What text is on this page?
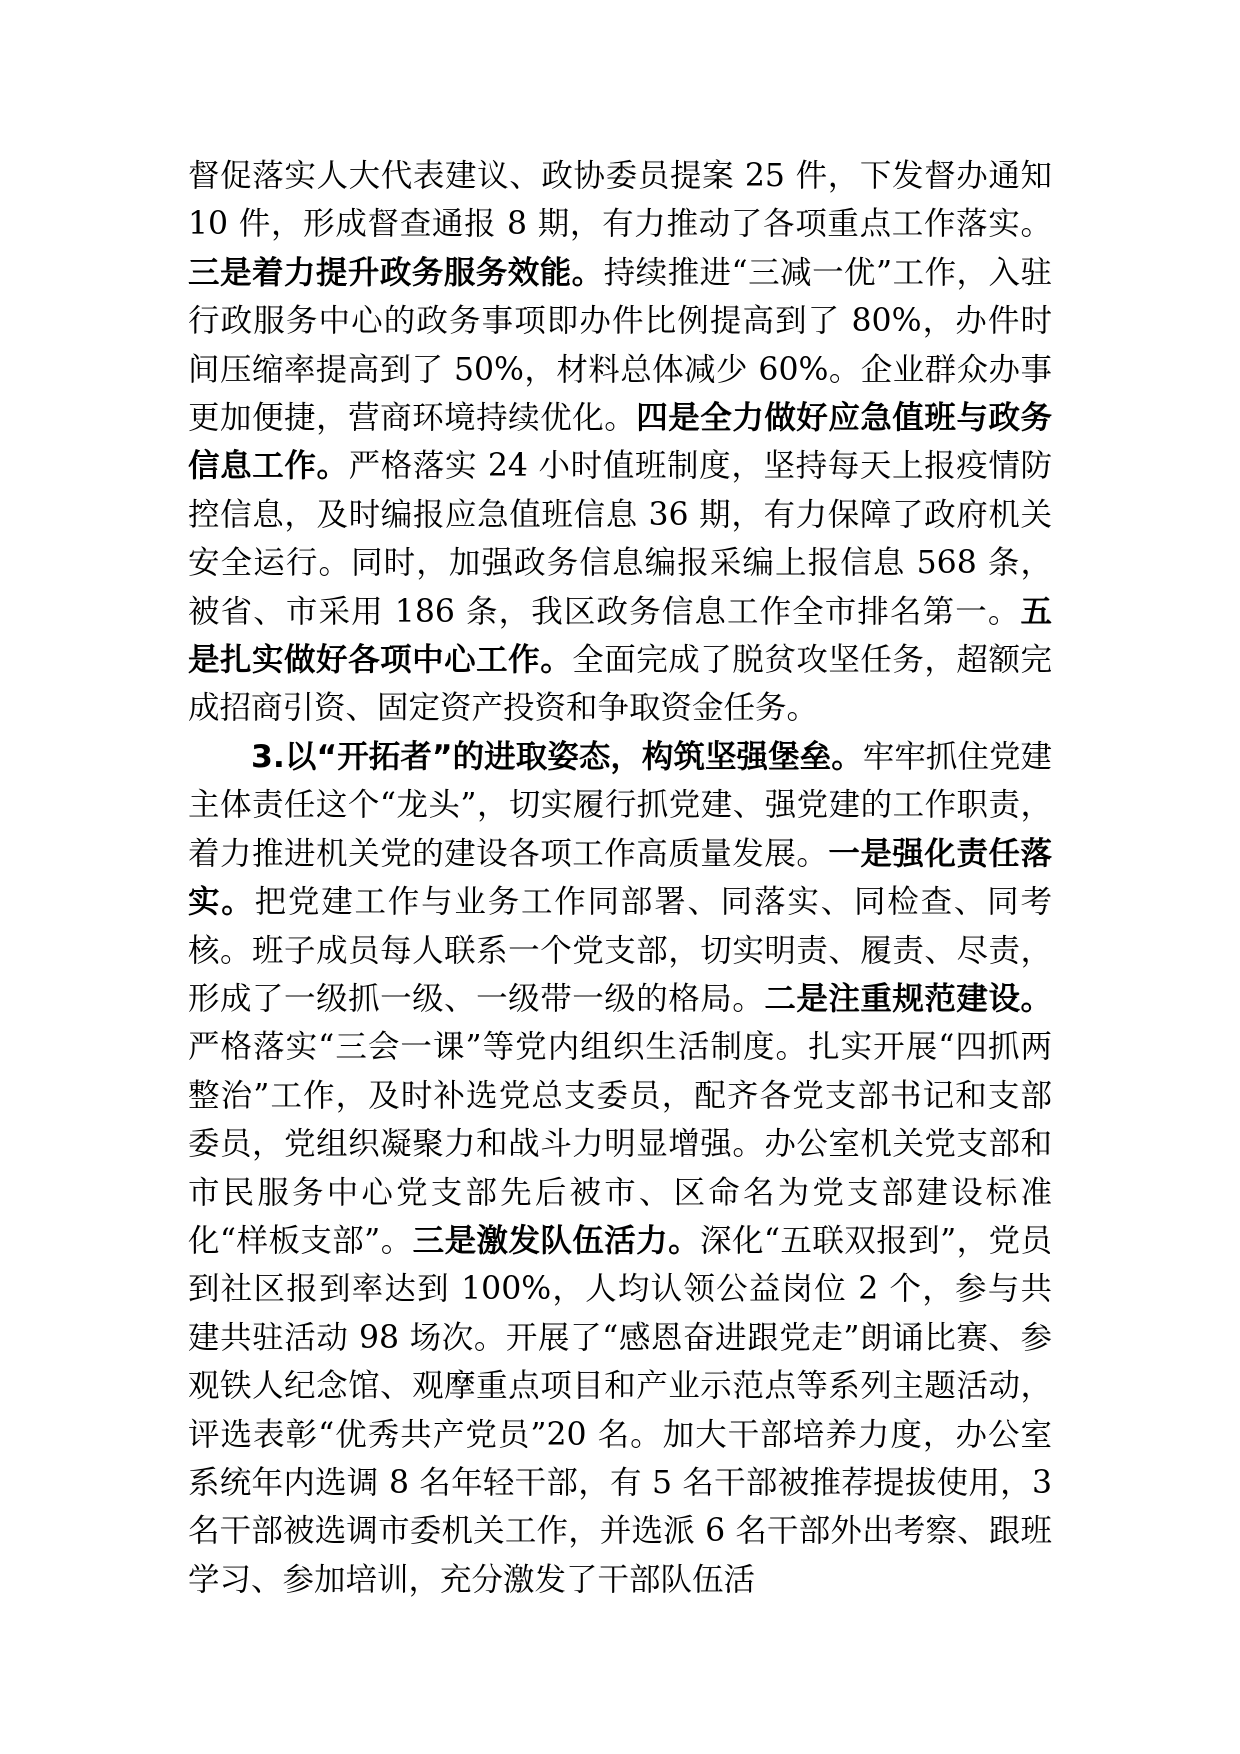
督促落实人大代表建议、政协委员提案 25 件，下发督办通知 10 件，形成督查通报 8 期，有力推动了各项重点工作落实。三是着力提升政务服务效能。持续推进“三减一优”工作，入驻行政服务中心的政务事项即办件比例提高到了 80%，办件时间压缩率提高到了 50%，材料总体减少 60%。企业群众办事更加便捷，营商环境持续优化。四是全力做好应急值班与政务信息工作。严格落实 24 小时值班制度，坚持每天上报疫情防控信息，及时编报应急值班信息 36 期，有力保障了政府机关安全运行。同时，加强政务信息编报采编上报信息 568 条，被省、市采用 186 条，我区政务信息工作全市排名第一。五是扎实做好各项中心工作。全面完成了脱贫攻坚任务，超额完成招商引资、固定资产投资和争取资金任务。

3.以“开拓者”的进取姿态，构筑坚强堡垒。牢牢抓住党建主体责任这个“龙头”，切实履行抓党建、强党建的工作职责，着力推进机关党的建设各项工作高质量发展。一是强化责任落实。把党建工作与业务工作同部署、同落实、同检查、同考核。班子成员每人联系一个党支部，切实明责、履责、尽责，形成了一级抓一级、一级带一级的格局。二是注重规范建设。严格落实“三会一课”等党内组织生活制度。扎实开展“四抓两整治”工作，及时补选党总支委员，配齐各党支部书记和支部委员，党组织凝聚力和战斗力明显增强。办公室机关党支部和市民服务中心党支部先后被市、区命名为党支部建设标准化“样板支部”。三是激发队伍活力。深化“五联双报到”，党员到社区报到率达到 100%，人均认领公益岗位 2 个，参与共建共驻活动 98 场次。开展了“感恩奋进跟党走”朗诵比赛、参观铁人纪念馆、观摩重点项目和产业示范点等系列主题活动，评选表彰“优秀共产党员”20 名。加大干部培养力度，办公室系统年内选调 8 名年轻干部，有 5 名干部被推荐提拔使用，3 名干部被选调市委机关工作，并选派 6 名干部外出考察、跟班学习、参加培训，充分激发了干部队伍活
